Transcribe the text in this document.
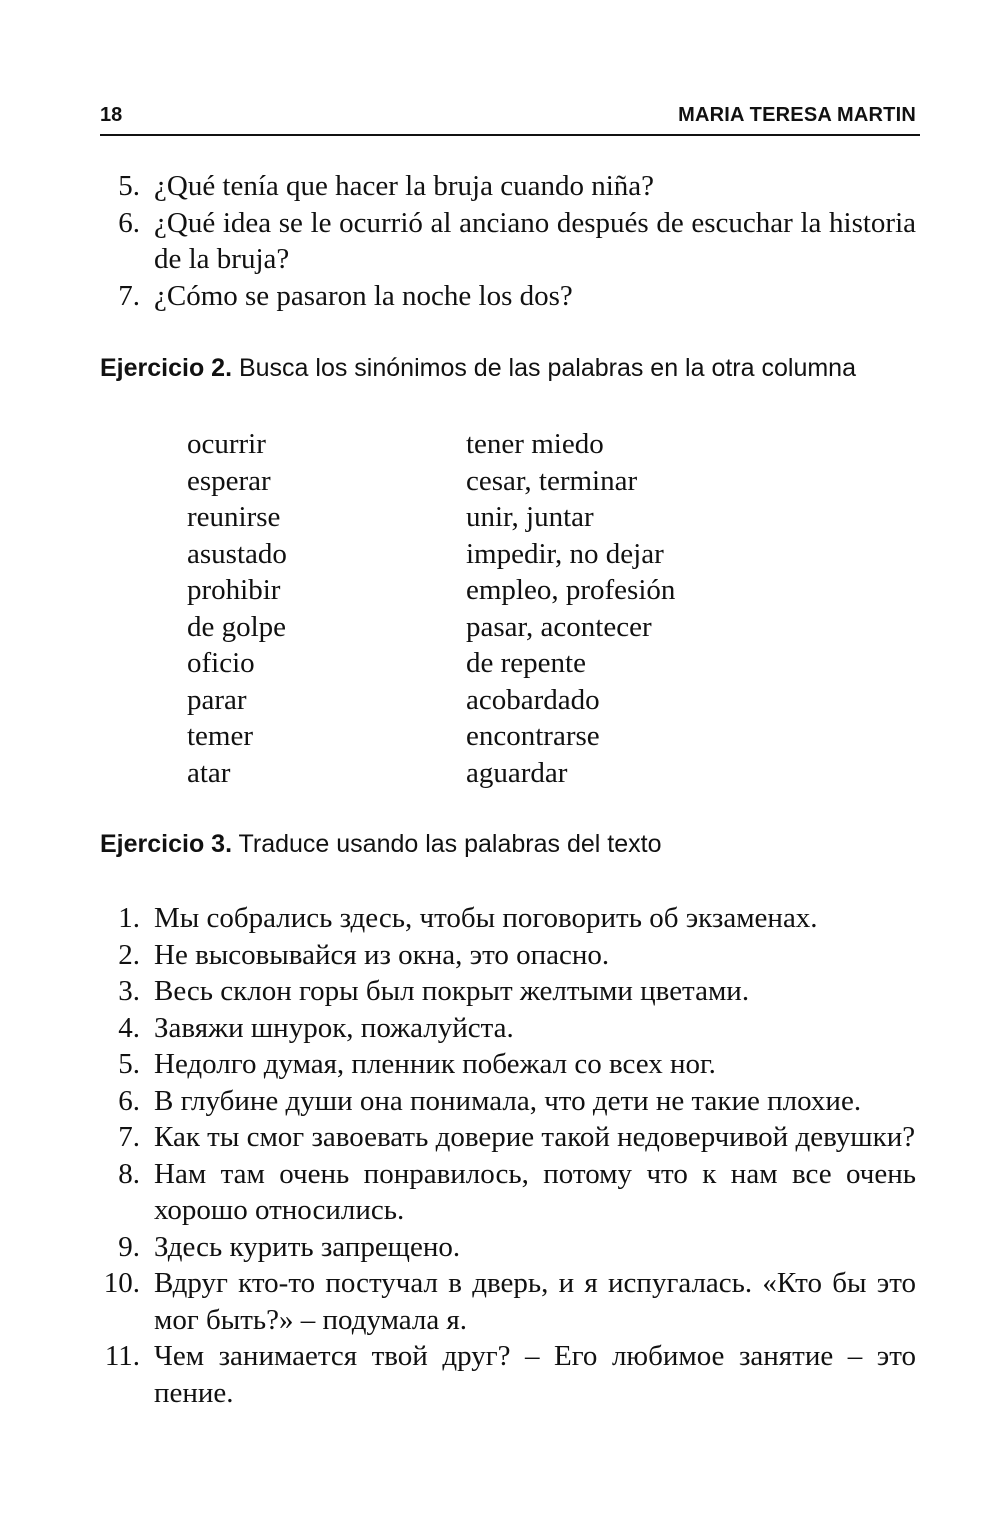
18	MARIA TERESA MARTIN
5. ¿Qué tenía que hacer la bruja cuando niña?
6. ¿Qué idea se le ocurrió al anciano después de escuchar la historia de la bruja?
7. ¿Cómo se pasaron la noche los dos?
Ejercicio 2. Busca los sinónimos de las palabras en la otra columna
ocurrir	tener miedo
esperar	cesar, terminar
reunirse	unir, juntar
asustado	impedir, no dejar
prohibir	empleo, profesión
de golpe	pasar, acontecer
oficio	de repente
parar	acobardado
temer	encontrarse
atar	aguardar
Ejercicio 3. Traduce usando las palabras del texto
1. Мы собрались здесь, чтобы поговорить об экзаменах.
2. Не высовывайся из окна, это опасно.
3. Весь склон горы был покрыт желтыми цветами.
4. Завяжи шнурок, пожалуйста.
5. Недолго думая, пленник побежал со всех ног.
6. В глубине души она понимала, что дети не такие плохие.
7. Как ты смог завоевать доверие такой недоверчивой девушки?
8. Нам там очень понравилось, потому что к нам все очень хорошо относились.
9. Здесь курить запрещено.
10. Вдруг кто-то постучал в дверь, и я испугалась. «Кто бы это мог быть?» – подумала я.
11. Чем занимается твой друг? – Его любимое занятие – это пение.
